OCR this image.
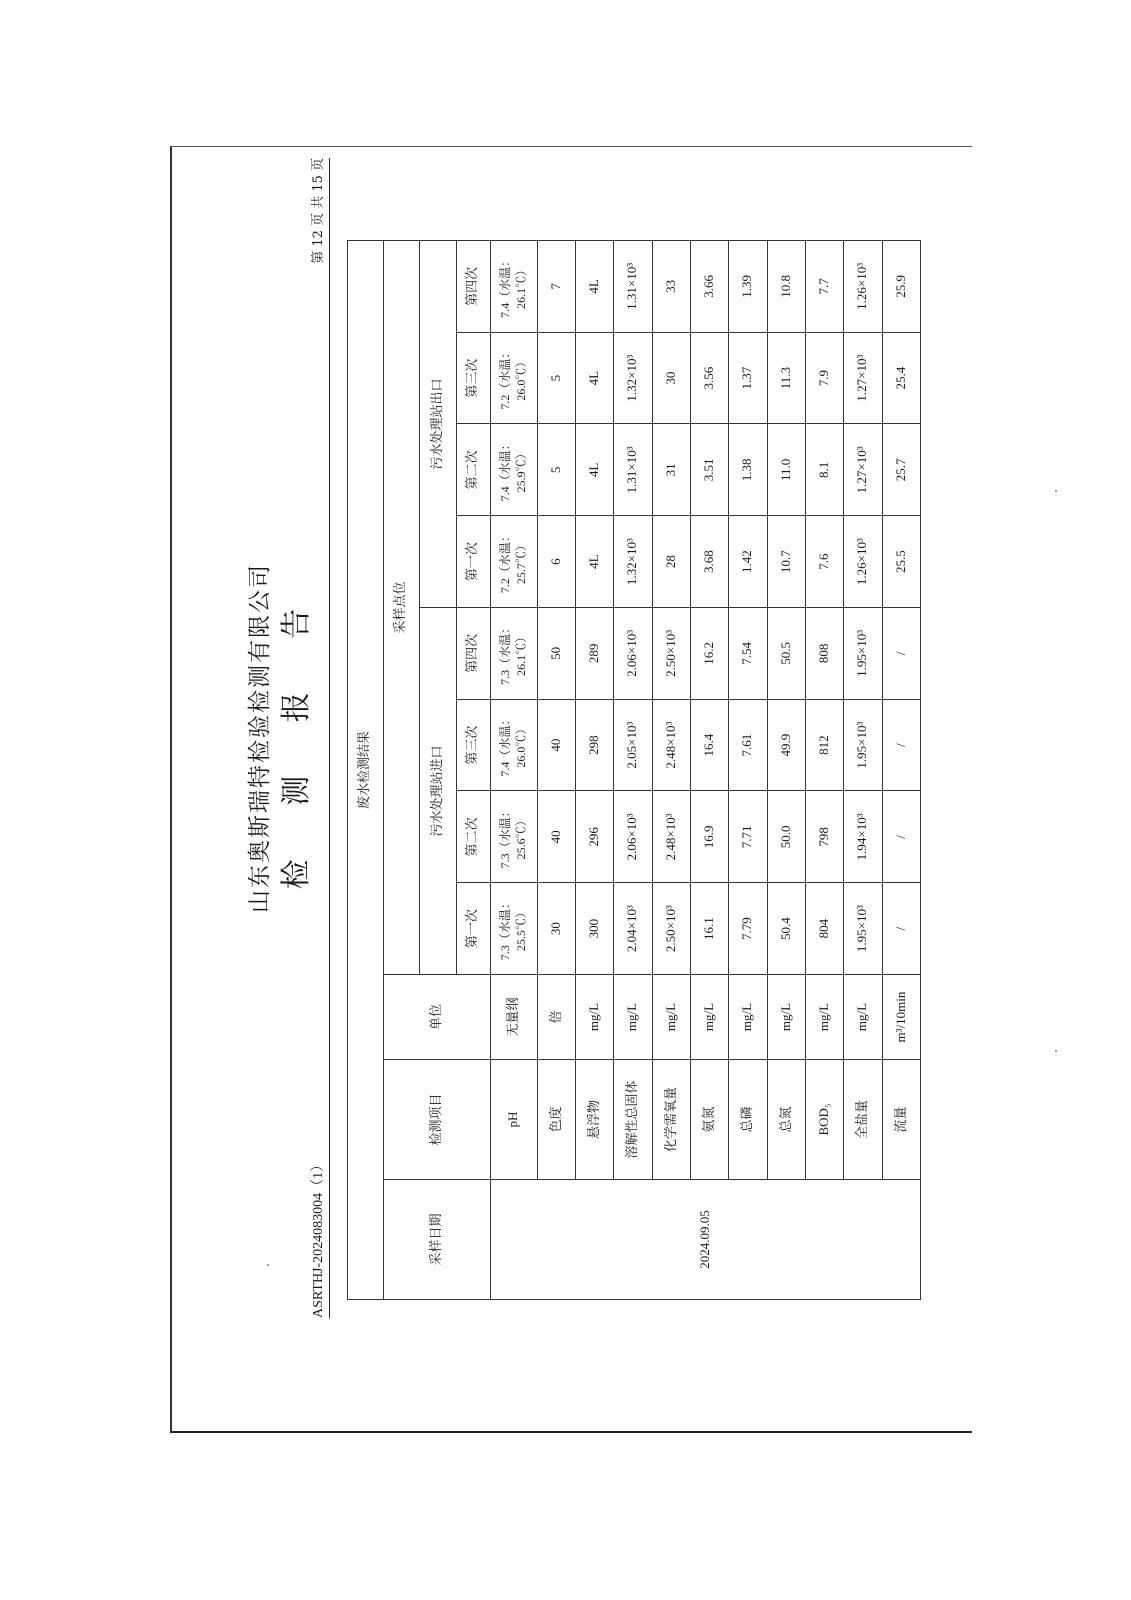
山东奥斯瑞特检验检测有限公司 检 测 报 告
ASRTHJ-2024083004（1）
第 12 页 共 15 页
废水检测结果										
采样日期	检测项目	单位	采样点位							
			污水处理站进口				污水处理站出口			
			第一次	第二次	第三次	第四次	第一次	第二次	第三次	第四次
2024.09.05	pH	无量纲	7.3（水温：25.5℃）	7.3（水温：25.6℃）	7.4（水温：26.0℃）	7.3（水温：26.1℃）	7.2（水温：25.7℃）	7.4（水温：25.9℃）	7.2（水温：26.0℃）	7.4（水温：26.1℃）
	色度	倍	30	40	40	50	6	5	5	7
	悬浮物	mg/L	300	296	298	289	4L	4L	4L	4L
	溶解性总固体	mg/L	2.04×10³	2.06×10³	2.05×10³	2.06×10³	1.32×10³	1.31×10³	1.32×10³	1.31×10³
	化学需氧量	mg/L	2.50×10³	2.48×10³	2.48×10³	2.50×10³	28	31	30	33
	氨氮	mg/L	16.1	16.9	16.4	16.2	3.68	3.51	3.56	3.66
	总磷	mg/L	7.79	7.71	7.61	7.54	1.42	1.38	1.37	1.39
	总氮	mg/L	50.4	50.0	49.9	50.5	10.7	11.0	11.3	10.8
	BOD₅	mg/L	804	798	812	808	7.6	8.1	7.9	7.7
	全盐量	mg/L	1.95×10³	1.94×10³	1.95×10³	1.95×10³	1.26×10³	1.27×10³	1.27×10³	1.26×10³
	流量	m³/10min	/	/	/	/	25.5	25.7	25.4	25.9
